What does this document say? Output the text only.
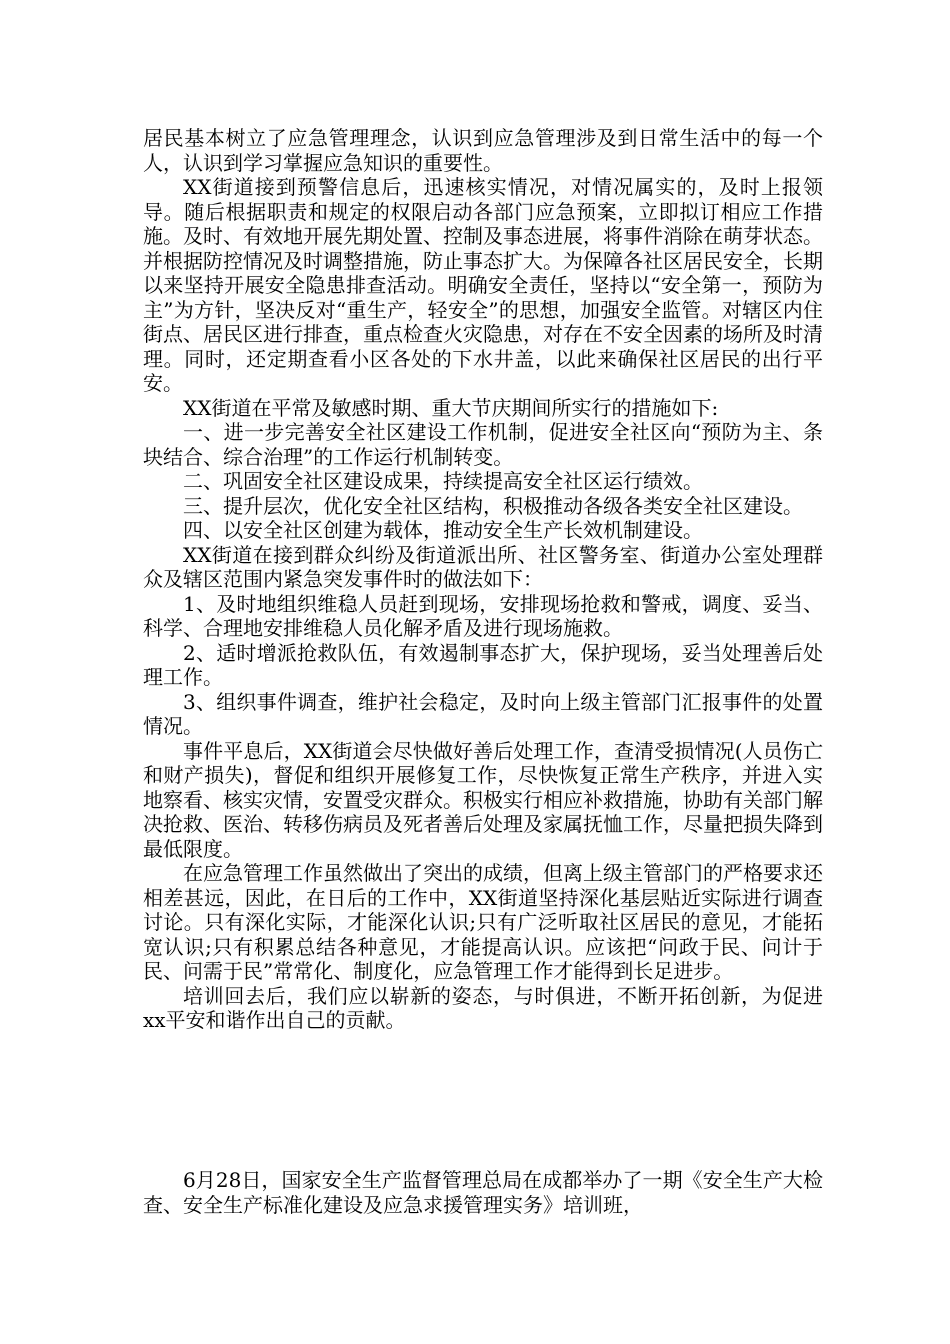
居民基本树立了应急管理理念，认识到应急管理涉及到日常生活中的每一个人，认识到学习掌握应急知识的重要性。

XX街道接到预警信息后，迅速核实情况，对情况属实的，及时上报领导。随后根据职责和规定的权限启动各部门应急预案，立即拟订相应工作措施。及时、有效地开展先期处置、控制及事态进展，将事件消除在萌芽状态。并根据防控情况及时调整措施，防止事态扩大。为保障各社区居民安全，长期以来坚持开展安全隐患排查活动。明确安全责任，坚持以“安全第一，预防为主”为方针，坚决反对“重生产，轻安全”的思想，加强安全监管。对辖区内住街点、居民区进行排查，重点检查火灾隐患，对存在不安全因素的场所及时清理。同时，还定期查看小区各处的下水井盖，以此来确保社区居民的出行平安。

XX街道在平常及敏感时期、重大节庆期间所实行的措施如下:

一、进一步完善安全社区建设工作机制，促进安全社区向“预防为主、条块结合、综合治理”的工作运行机制转变。

二、巩固安全社区建设成果，持续提高安全社区运行绩效。

三、提升层次，优化安全社区结构，积极推动各级各类安全社区建设。

四、以安全社区创建为载体，推动安全生产长效机制建设。

XX街道在接到群众纠纷及街道派出所、社区警务室、街道办公室处理群众及辖区范围内紧急突发事件时的做法如下：

1、及时地组织维稳人员赶到现场，安排现场抢救和警戒，调度、妥当、科学、合理地安排维稳人员化解矛盾及进行现场施救。

2、适时增派抢救队伍，有效遏制事态扩大，保护现场，妥当处理善后处理工作。

3、组织事件调查，维护社会稳定，及时向上级主管部门汇报事件的处置情况。

事件平息后，XX街道会尽快做好善后处理工作，查清受损情况(人员伤亡和财产损失)，督促和组织开展修复工作，尽快恢复正常生产秩序，并进入实地察看、核实灾情，安置受灾群众。积极实行相应补救措施，协助有关部门解决抢救、医治、转移伤病员及死者善后处理及家属抚恤工作，尽量把损失降到最低限度。

在应急管理工作虽然做出了突出的成绩，但离上级主管部门的严格要求还相差甚远，因此，在日后的工作中，XX街道坚持深化基层贴近实际进行调查讨论。只有深化实际，才能深化认识;只有广泛听取社区居民的意见，才能拓宽认识;只有积累总结各种意见，才能提高认识。应该把“问政于民、问计于民、问需于民”常常化、制度化，应急管理工作才能得到长足进步。

培训回去后，我们应以崭新的姿态，与时俱进，不断开拓创新，为促进xx平安和谐作出自己的贡献。

6月28日，国家安全生产监督管理总局在成都举办了一期《安全生产大检查、安全生产标准化建设及应急求援管理实务》培训班，
